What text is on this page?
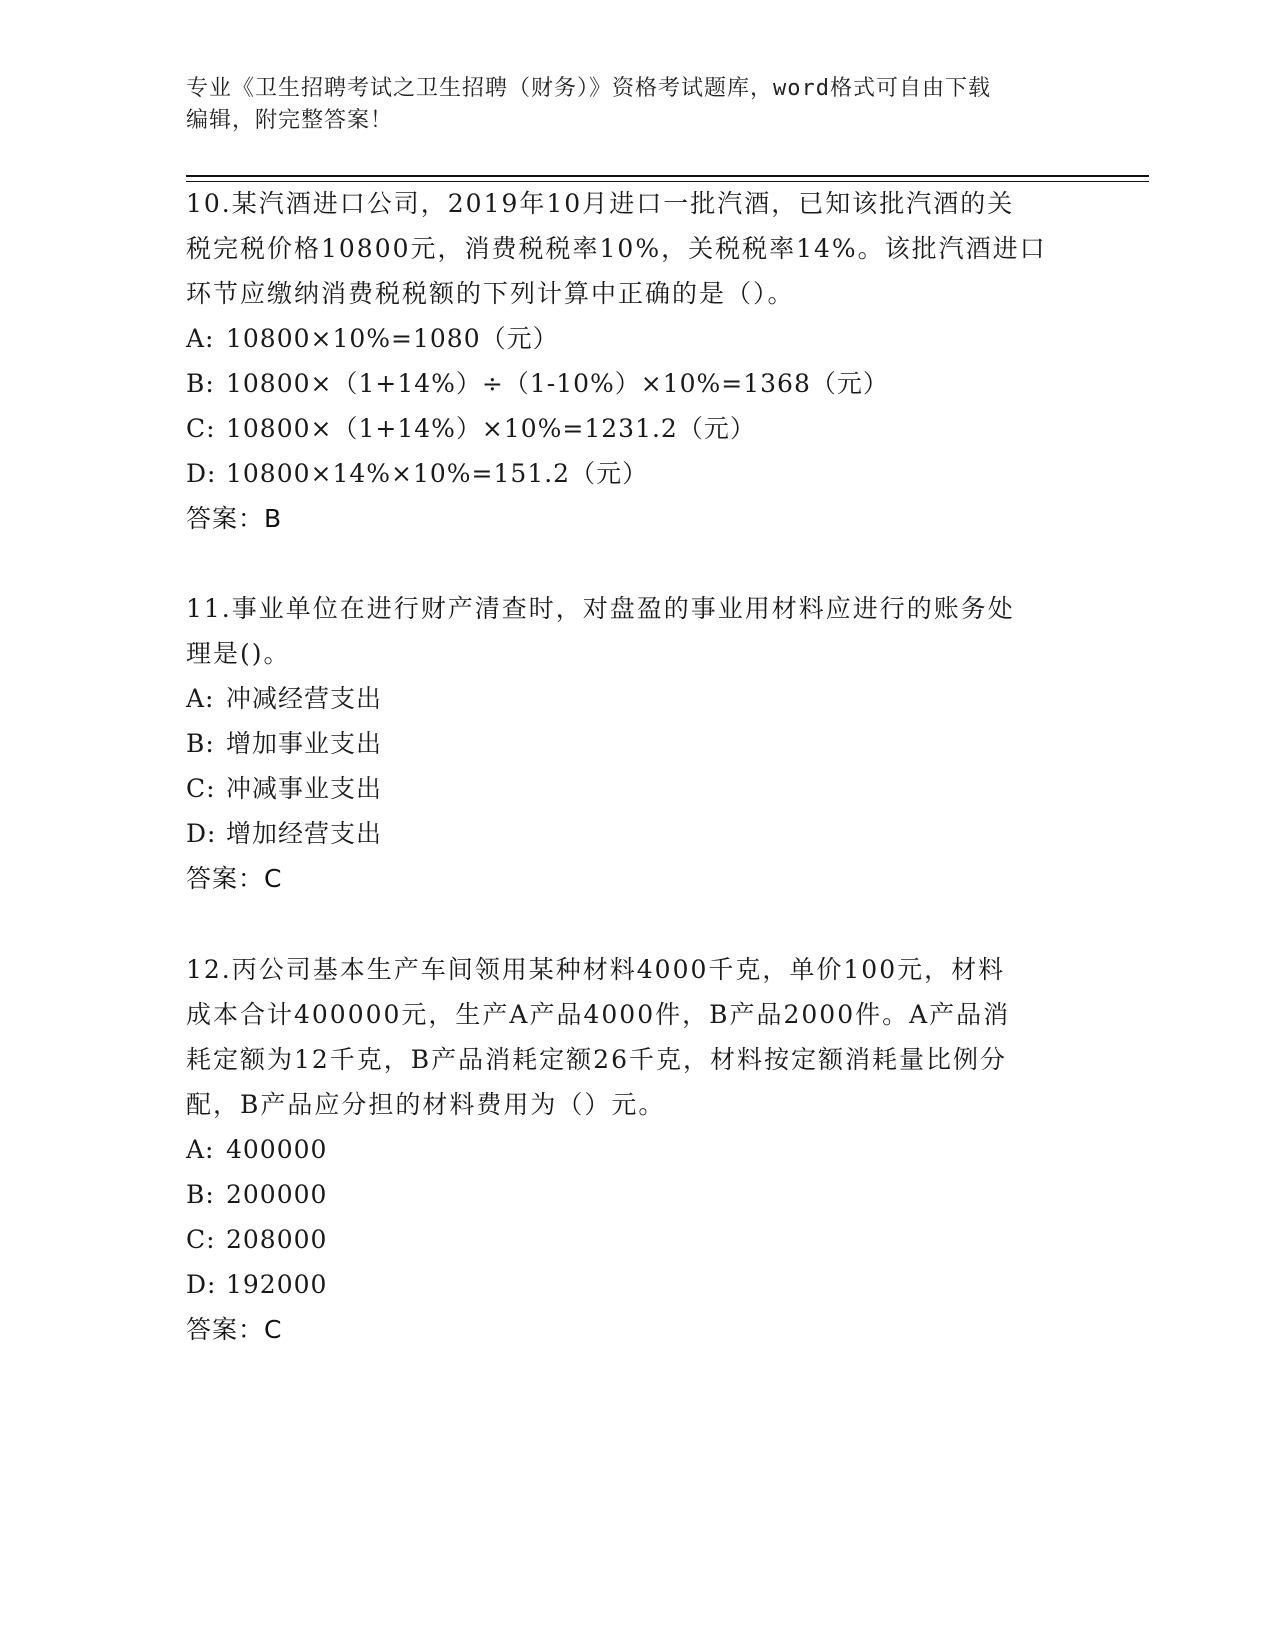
专业《卫生招聘考试之卫生招聘（财务）》资格考试题库，word格式可自由下载
编辑，附完整答案！
10.某汽酒进口公司，2019年10月进口一批汽酒，已知该批汽酒的关
税完税价格10800元，消费税税率10%，关税税率14%。该批汽酒进口
环节应缴纳消费税税额的下列计算中正确的是（）。
A: 10800×10%=1080（元）
B: 10800×（1+14%）÷（1-10%）×10%=1368（元）
C: 10800×（1+14%）×10%=1231.2（元）
D: 10800×14%×10%=151.2（元）
答案：B
11.事业单位在进行财产清查时，对盘盈的事业用材料应进行的账务处
理是()。
A: 冲减经营支出
B: 增加事业支出
C: 冲减事业支出
D: 增加经营支出
答案：C
12.丙公司基本生产车间领用某种材料4000千克，单价100元，材料
成本合计400000元，生产A产品4000件，B产品2000件。A产品消
耗定额为12千克，B产品消耗定额26千克，材料按定额消耗量比例分
配，B产品应分担的材料费用为（）元。
A: 400000
B: 200000
C: 208000
D: 192000
答案：C
